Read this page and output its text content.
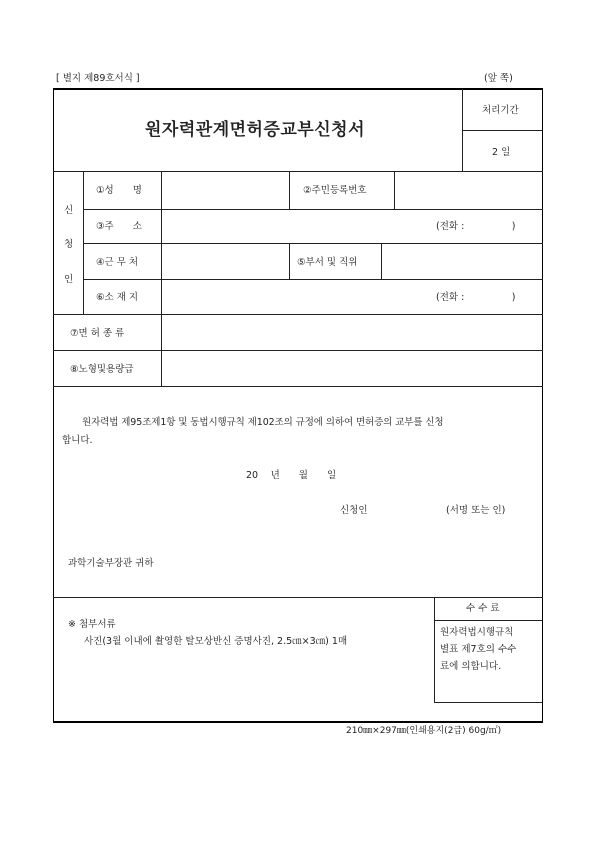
[ 별지 제89호서식 ]	(앞 쪽)
원자력관계면허증교부신청서
처리기간
2 일
신
청
인
①성　　명	②주민등록번호
③주　　소	(전화 :　　　　　)
④근 무 처	⑤부서 및 직위
⑥소 재 지	(전화 :　　　　　)
⑦면 허 종 류
⑧노형및용량급
원자력법 제95조제1항 및 동법시행규칙 제102조의 규정에 의하여 면허증의 교부를 신청
합니다.
20　 년　　월　　일
신청인	(서명 또는 인)
과학기술부장관 귀하
※ 첨부서류
사진(3월 이내에 촬영한 탈모상반신 증명사진, 2.5㎝×3㎝) 1매
수 수 료
원자력법시행규칙
별표 제7호의 수수
료에 의합니다.
210㎜×297㎜(인쇄용지(2급) 60g/㎡)
